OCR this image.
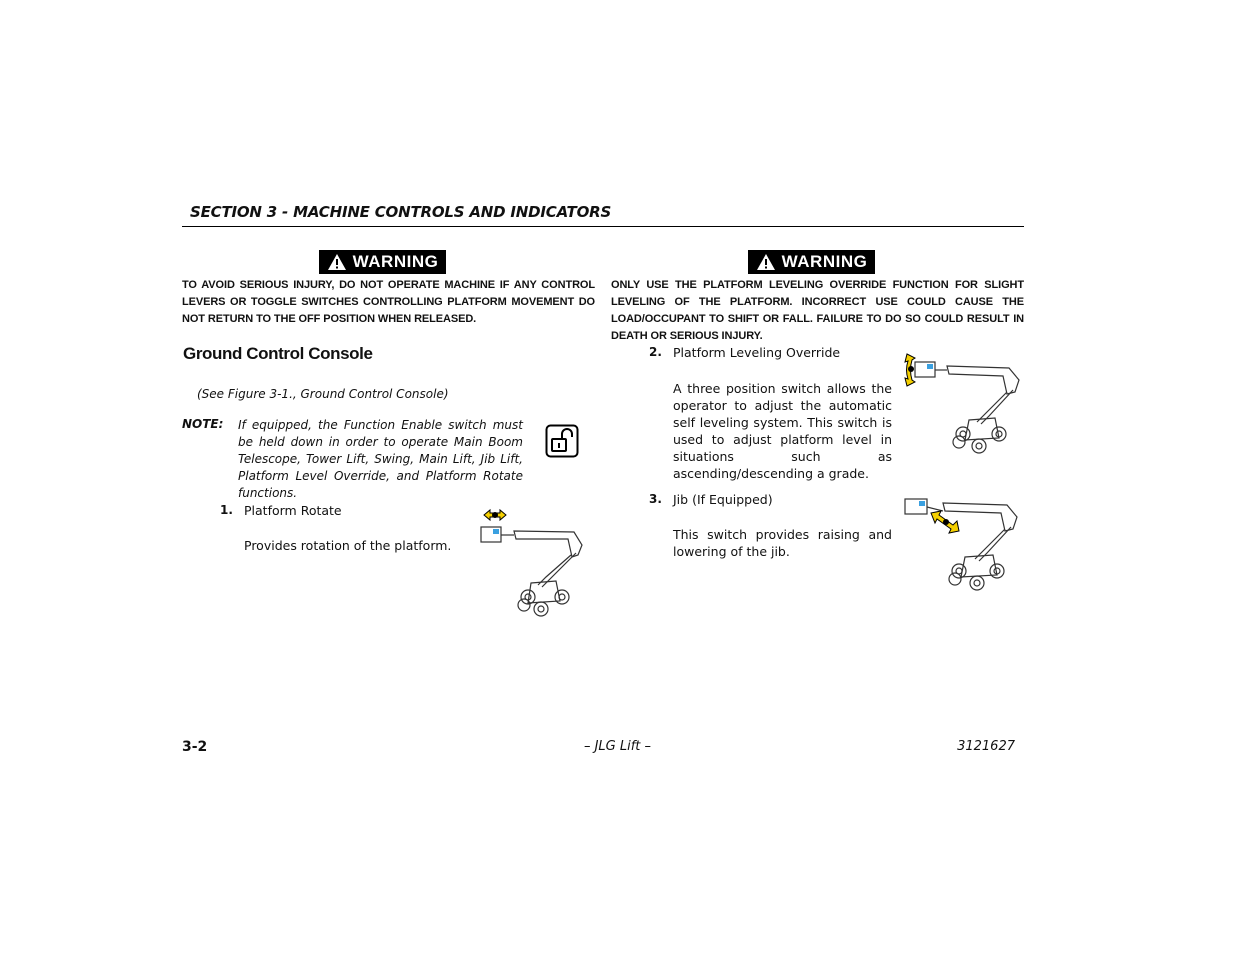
SECTION 3 - MACHINE CONTROLS AND INDICATORS
WARNING
TO AVOID SERIOUS INJURY, DO NOT OPERATE MACHINE IF ANY CONTROL LEVERS OR TOGGLE SWITCHES CONTROLLING PLATFORM MOVEMENT DO NOT RETURN TO THE OFF POSITION WHEN RELEASED.
WARNING
ONLY USE THE PLATFORM LEVELING OVERRIDE FUNCTION FOR SLIGHT LEVELING OF THE PLATFORM. INCORRECT USE COULD CAUSE THE LOAD/OCCUPANT TO SHIFT OR FALL. FAILURE TO DO SO COULD RESULT IN DEATH OR SERIOUS INJURY.
Ground Control Console
(See Figure 3-1., Ground Control Console)
NOTE: If equipped, the Function Enable switch must be held down in order to operate Main Boom Telescope, Tower Lift, Swing, Main Lift, Jib Lift, Platform Level Override, and Platform Rotate functions.
1. Platform Rotate
Provides rotation of the platform.
2. Platform Leveling Override
A three position switch allows the operator to adjust the automatic self leveling system. This switch is used to adjust platform level in situations such as ascending/descending a grade.
3. Jib (If Equipped)
This switch provides raising and lowering of the jib.
3-2	– JLG Lift –	3121627
